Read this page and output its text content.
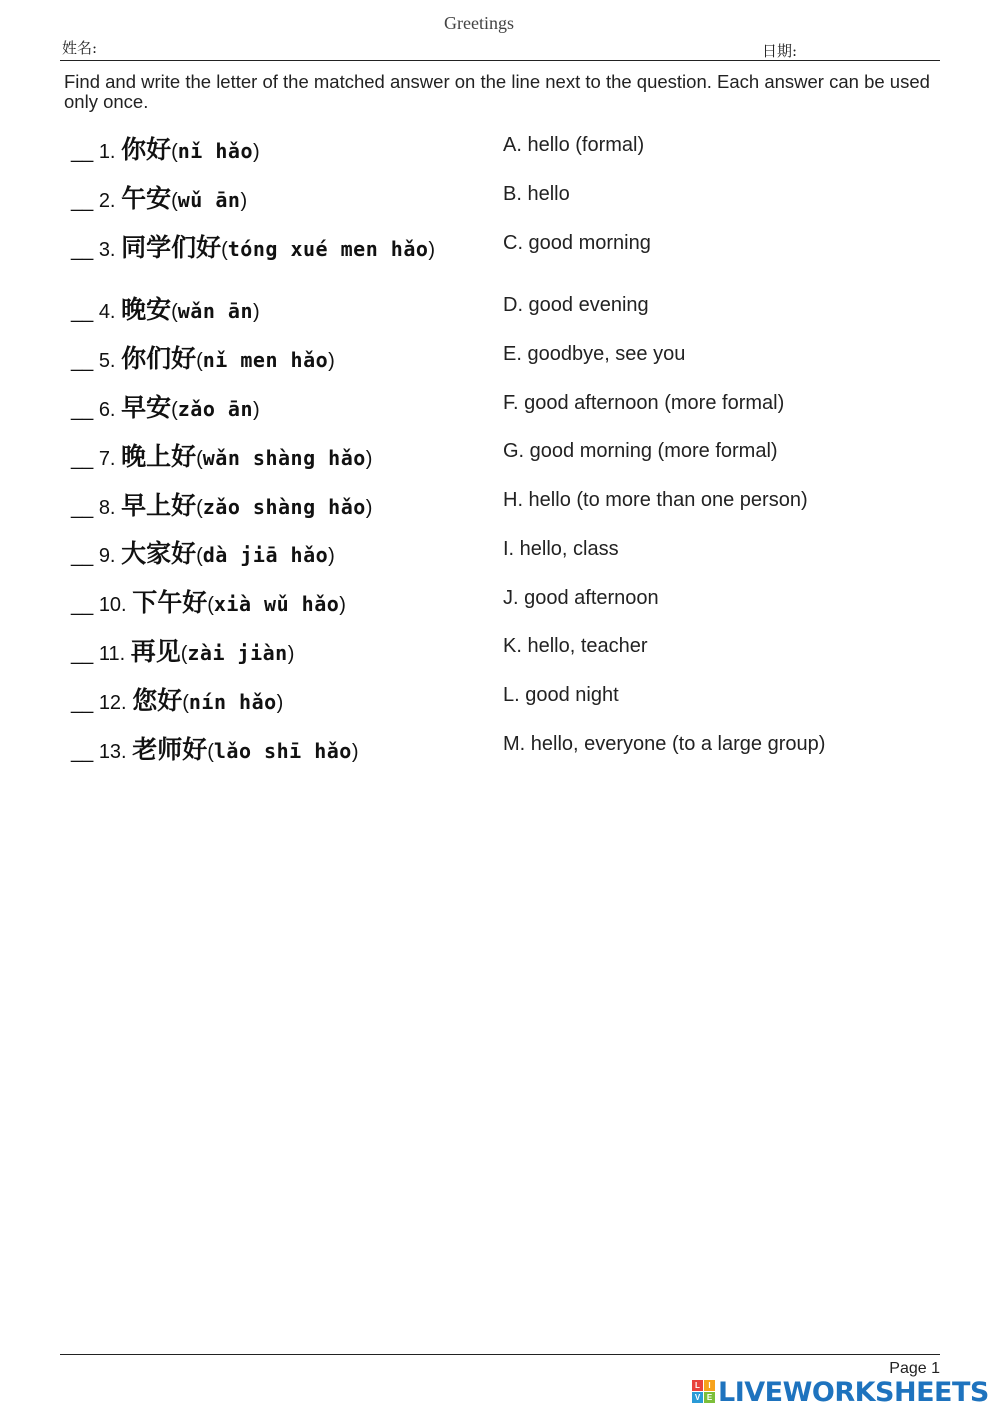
Greetings
姓名:	日期:
Find and write the letter of the matched answer on the line next to the question. Each answer can be used only once.
__ 1. 你好(nǐ hǎo)
__ 2. 午安(wǔ ān)
__ 3. 同学们好(tóng xué men hǎo)
__ 4. 晚安(wǎn ān)
__ 5. 你们好(nǐ men hǎo)
__ 6. 早安(zǎo ān)
__ 7. 晚上好(wǎn shàng hǎo)
__ 8. 早上好(zǎo shàng hǎo)
__ 9. 大家好(dà jiā hǎo)
__ 10. 下午好(xià wǔ hǎo)
__ 11. 再见(zài jiàn)
__ 12. 您好(nín hǎo)
__ 13. 老师好(lǎo shī hǎo)
A. hello (formal)
B. hello
C. good morning
D. good evening
E. goodbye, see you
F. good afternoon (more formal)
G. good morning (more formal)
H. hello (to more than one person)
I. hello, class
J. good afternoon
K. hello, teacher
L. good night
M. hello, everyone (to a large group)
Page 1
L	I
V E LIVEWORKSHEETS
